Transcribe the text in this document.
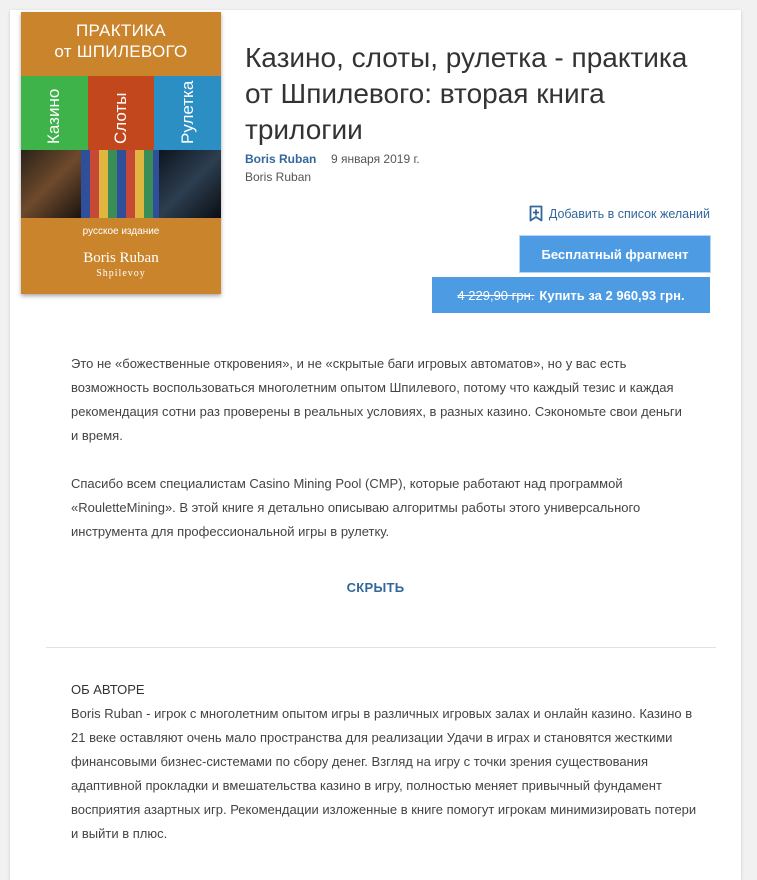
ПРАКТИКА
от ШПИЛЕВОГО
Казино	Слоты	Рулетка
русское издание
Boris Ruban
Shpilevoy
Казино, слоты, рулетка - практика от Шпилевого: вторая книга трилогии
Boris Ruban 9 января 2019 г.
Boris Ruban
Добавить в список желаний
Бесплатный фрагмент
4 229,90 грн. Купить за 2 960,93 грн.

Это не «божественные откровения», и не «скрытые баги игровых автоматов», но у вас есть возможность воспользоваться многолетним опытом Шпилевого, потому что каждый тезис и каждая рекомендация сотни раз проверены в реальных условиях, в разных казино. Сэкономьте свои деньги и время.

Спасибо всем специалистам Casino Mining Pool (CMP), которые работают над программой «RouletteMining». В этой книге я детально описываю алгоритмы работы этого универсального инструмента для профессиональной игры в рулетку.

СКРЫТЬ
ОБ АВТОРЕ

Boris Ruban - игрок с многолетним опытом игры в различных игровых залах и онлайн казино. Казино в 21 веке оставляют очень мало пространства для реализации Удачи в играх и становятся жесткими финансовыми бизнес-системами по сбору денег. Взгляд на игру с точки зрения существования адаптивной прокладки и вмешательства казино в игру, полностью меняет привычный фундамент восприятия азартных игр. Рекомендации изложенные в книге помогут игрокам минимизировать потери и выйти в плюс.
